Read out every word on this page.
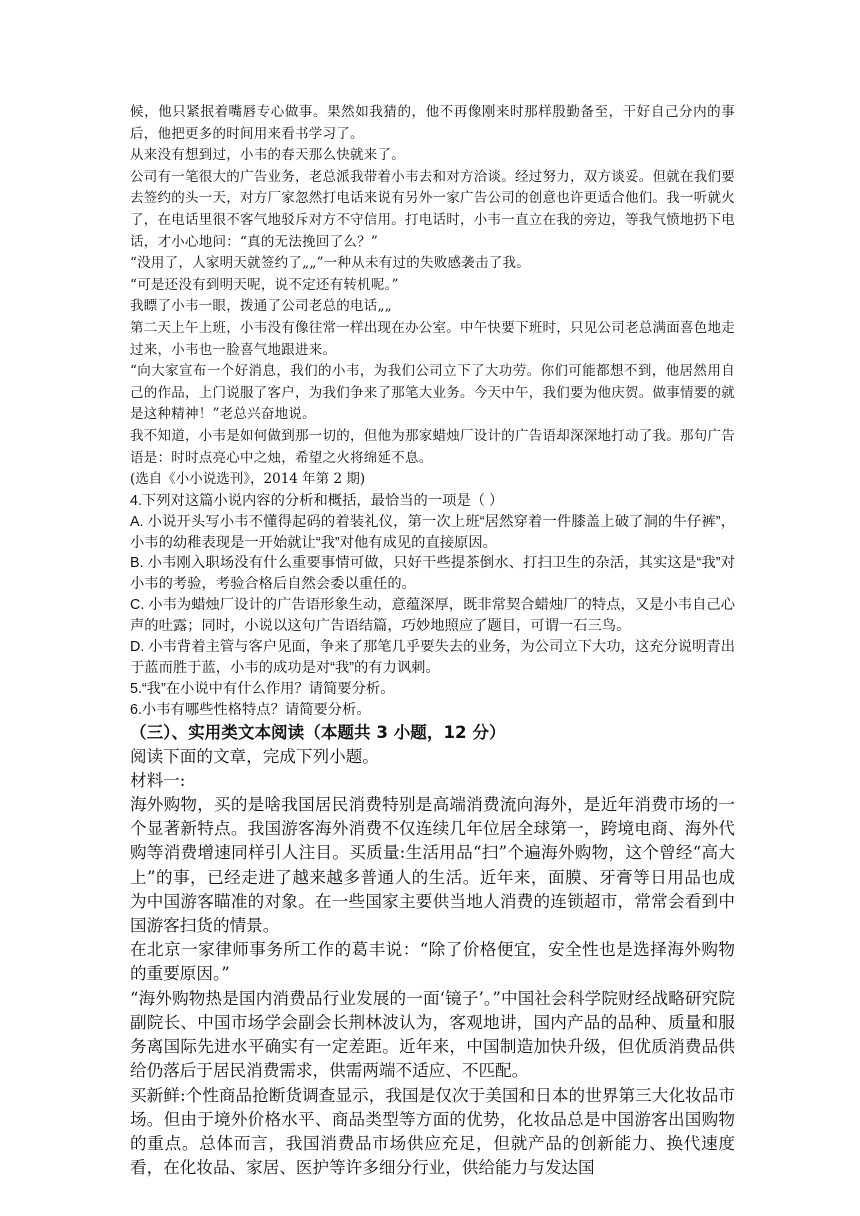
候，他只紧抿着嘴唇专心做事。果然如我猜的，他不再像刚来时那样殷勤备至，干好自己分内的事后，他把更多的时间用来看书学习了。

从来没有想到过，小韦的春天那么快就来了。

公司有一笔很大的广告业务，老总派我带着小韦去和对方洽谈。经过努力，双方谈妥。但就在我们要去签约的头一天，对方厂家忽然打电话来说有另外一家广告公司的创意也许更适合他们。我一听就火了，在电话里很不客气地驳斥对方不守信用。打电话时，小韦一直立在我的旁边，等我气愤地扔下电话，才小心地问：“真的无法挽回了么？”

“没用了，人家明天就签约了„„”一种从未有过的失败感袭击了我。

“可是还没有到明天呢，说不定还有转机呢。”

我瞟了小韦一眼，拨通了公司老总的电话„„

第二天上午上班，小韦没有像往常一样出现在办公室。中午快要下班时，只见公司老总满面喜色地走过来，小韦也一脸喜气地跟进来。

“向大家宣布一个好消息，我们的小韦，为我们公司立下了大功劳。你们可能都想不到，他居然用自己的作品，上门说服了客户，为我们争来了那笔大业务。今天中午，我们要为他庆贺。做事情要的就是这种精神！”老总兴奋地说。

我不知道，小韦是如何做到那一切的，但他为那家蜡烛厂设计的广告语却深深地打动了我。那句广告语是：时时点亮心中之烛，希望之火将绵延不息。

(选自《小小说选刊》，2014 年第 2 期)

4.下列对这篇小说内容的分析和概括，最恰当的一项是（ ）

A. 小说开头写小韦不懂得起码的着装礼仪，第一次上班“居然穿着一件膝盖上破了洞的牛仔裤”，小韦的幼稚表现是一开始就让“我”对他有成见的直接原因。

B. 小韦刚入职场没有什么重要事情可做，只好干些提茶倒水、打扫卫生的杂活，其实这是“我”对小韦的考验，考验合格后自然会委以重任的。

C. 小韦为蜡烛厂设计的广告语形象生动，意蕴深厚，既非常契合蜡烛厂的特点，又是小韦自己心声的吐露；同时，小说以这句广告语结篇，巧妙地照应了题目，可谓一石三鸟。

D. 小韦背着主管与客户见面，争来了那笔几乎要失去的业务，为公司立下大功，这充分说明青出于蓝而胜于蓝，小韦的成功是对“我”的有力讽刺。

5.“我”在小说中有什么作用？请简要分析。

6.小韦有哪些性格特点？请简要分析。

（三）、实用类文本阅读（本题共 3 小题，12 分）

阅读下面的文章，完成下列小题。

材料一:

海外购物，买的是啥我国居民消费特别是高端消费流向海外，是近年消费市场的一个显著新特点。我国游客海外消费不仅连续几年位居全球第一，跨境电商、海外代购等消费增速同样引人注目。买质量:生活用品“扫”个遍海外购物，这个曾经“高大上”的事，已经走进了越来越多普通人的生活。近年来，面膜、牙膏等日用品也成为中国游客瞄准的对象。在一些国家主要供当地人消费的连锁超市，常常会看到中国游客扫货的情景。

在北京一家律师事务所工作的葛丰说：“除了价格便宜，安全性也是选择海外购物的重要原因。”

“海外购物热是国内消费品行业发展的一面‘镜子’。”中国社会科学院财经战略研究院副院长、中国市场学会副会长荆林波认为，客观地讲，国内产品的品种、质量和服务离国际先进水平确实有一定差距。近年来，中国制造加快升级，但优质消费品供给仍落后于居民消费需求，供需两端不适应、不匹配。

买新鲜:个性商品抢断货调查显示，我国是仅次于美国和日本的世界第三大化妆品市场。但由于境外价格水平、商品类型等方面的优势，化妆品总是中国游客出国购物的重点。总体而言，我国消费品市场供应充足，但就产品的创新能力、换代速度看，在化妆品、家居、医护等许多细分行业，供给能力与发达国
